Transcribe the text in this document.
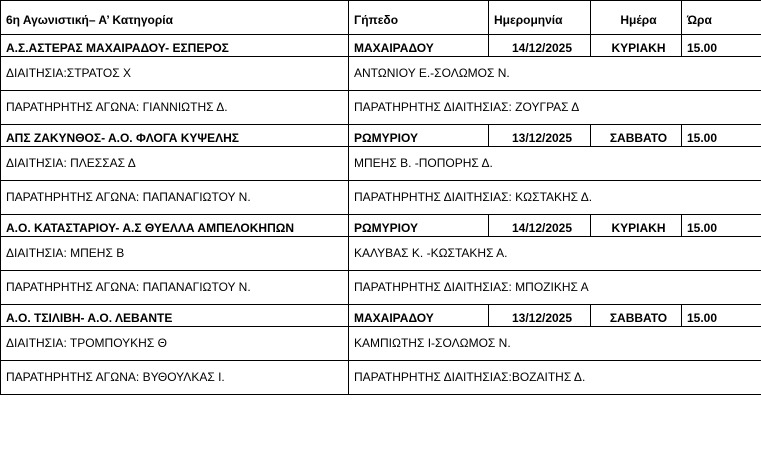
6η Αγωνιστική– Α’ Κατηγορία	Γήπεδο	Ημερομηνία	Ημέρα	Ώρα
Α.Σ.ΑΣΤΕΡΑΣ ΜΑΧΑΙΡΑΔΟΥ- ΕΣΠΕΡΟΣ	ΜΑΧΑΙΡΑΔΟΥ	14/12/2025	ΚΥΡΙΑΚΗ	15.00
ΔΙΑΙΤΗΣΙΑ:ΣΤΡΑΤΟΣ Χ	ΑΝΤΩΝΙΟΥ Ε.-ΣΟΛΩΜΟΣ Ν.			
ΠΑΡΑΤΗΡΗΤΗΣ ΑΓΩΝΑ: ΓΙΑΝΝΙΩΤΗΣ Δ.	ΠΑΡΑΤΗΡΗΤΗΣ ΔΙΑΙΤΗΣΙΑΣ: ΖΟΥΓΡΑΣ Δ			
ΑΠΣ ΖΑΚΥΝΘΟΣ- Α.Ο. ΦΛΟΓΑ ΚΥΨΕΛΗΣ	ΡΩΜΥΡΙΟΥ	13/12/2025	ΣΑΒΒΑΤΟ	15.00
ΔΙΑΙΤΗΣΙΑ: ΠΛΕΣΣΑΣ Δ	ΜΠΕΗΣ Β. -ΠΟΠΟΡΗΣ Δ.			
ΠΑΡΑΤΗΡΗΤΗΣ ΑΓΩΝΑ: ΠΑΠΑΝΑΓΙΩΤΟΥ Ν.	ΠΑΡΑΤΗΡΗΤΗΣ ΔΙΑΙΤΗΣΙΑΣ: ΚΩΣΤΑΚΗΣ Δ.			
Α.Ο. ΚΑΤΑΣΤΑΡΙΟΥ- Α.Σ ΘΥΕΛΛΑ ΑΜΠΕΛΟΚΗΠΩΝ	ΡΩΜΥΡΙΟΥ	14/12/2025	ΚΥΡΙΑΚΗ	15.00
ΔΙΑΙΤΗΣΙΑ: ΜΠΕΗΣ Β	ΚΑΛΥΒΑΣ Κ. -ΚΩΣΤΑΚΗΣ Α.			
ΠΑΡΑΤΗΡΗΤΗΣ ΑΓΩΝΑ: ΠΑΠΑΝΑΓΙΩΤΟΥ Ν.	ΠΑΡΑΤΗΡΗΤΗΣ ΔΙΑΙΤΗΣΙΑΣ: ΜΠΟΖΙΚΗΣ Α			
Α.Ο. ΤΣΙΛΙΒΗ- Α.Ο. ΛΕΒΑΝΤΕ	ΜΑΧΑΙΡΑΔΟΥ	13/12/2025	ΣΑΒΒΑΤΟ	15.00
ΔΙΑΙΤΗΣΙΑ: ΤΡΟΜΠΟΥΚΗΣ Θ	ΚΑΜΠΙΩΤΗΣ Ι-ΣΟΛΩΜΟΣ Ν.			
ΠΑΡΑΤΗΡΗΤΗΣ ΑΓΩΝΑ: ΒΥΘΟΥΛΚΑΣ Ι.	ΠΑΡΑΤΗΡΗΤΗΣ ΔΙΑΙΤΗΣΙΑΣ:ΒΟΖΑΙΤΗΣ Δ.			
